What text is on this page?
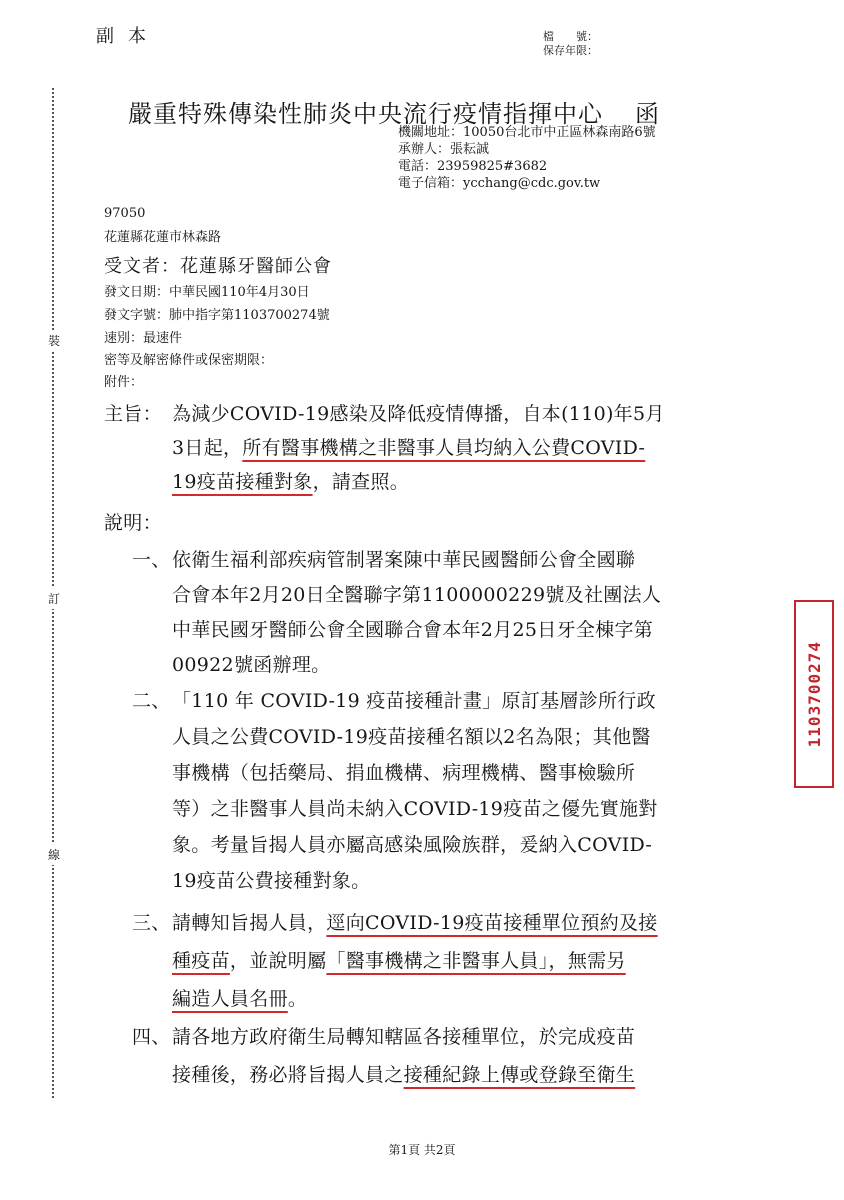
裝
訂
線
副本	檔　　號：
保存年限：
嚴重特殊傳染性肺炎中央流行疫情指揮中心 函
機關地址：10050台北市中正區林森南路6號
承辦人：張耘誠
電話：23959825#3682
電子信箱：ycchang@cdc.gov.tw
97050
花蓮縣花蓮市林森路
受文者：花蓮縣牙醫師公會
發文日期：中華民國110年4月30日
發文字號：肺中指字第1103700274號
速別：最速件
密等及解密條件或保密期限：
附件：
主旨： 為減少COVID-19感染及降低疫情傳播，自本(110)年5月
3日起，所有醫事機構之非醫事人員均納入公費COVID-
19疫苗接種對象，請查照。
說明：
一、 依衛生福利部疾病管制署案陳中華民國醫師公會全國聯
合會本年2月20日全醫聯字第1100000229號及社團法人
中華民國牙醫師公會全國聯合會本年2月25日牙全棟字第
00922號函辦理。
二、 「110 年 COVID-19 疫苗接種計畫」原訂基層診所行政
人員之公費COVID-19疫苗接種名額以2名為限；其他醫
事機構（包括藥局、捐血機構、病理機構、醫事檢驗所
等）之非醫事人員尚未納入COVID-19疫苗之優先實施對
象。考量旨揭人員亦屬高感染風險族群，爰納入COVID-
19疫苗公費接種對象。
三、 請轉知旨揭人員，逕向COVID-19疫苗接種單位預約及接
種疫苗，並說明屬「醫事機構之非醫事人員」，無需另
編造人員名冊。
四、 請各地方政府衛生局轉知轄區各接種單位，於完成疫苗
接種後，務必將旨揭人員之接種紀錄上傳或登錄至衛生
1103700274
第1頁 共2頁
